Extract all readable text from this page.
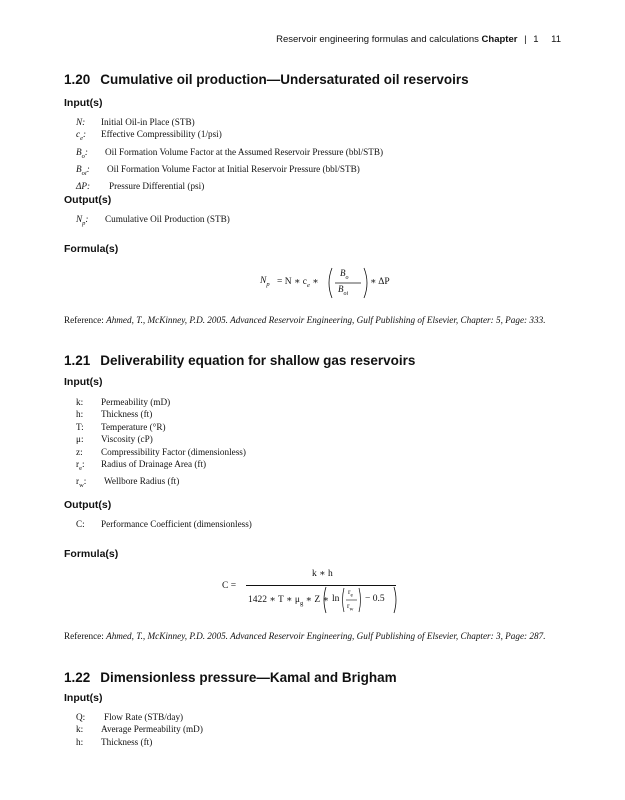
Reservoir engineering formulas and calculations Chapter | 1 11
1.20 Cumulative oil production—Undersaturated oil reservoirs
Input(s)
N:	Initial Oil-in Place (STB)
$c_e$:	Effective Compressibility (1/psi)
$B_o$:	Oil Formation Volume Factor at the Assumed Reservoir Pressure (bbl/STB)
$B_{oi}$:	Oil Formation Volume Factor at Initial Reservoir Pressure (bbl/STB)
ΔP:	Pressure Differential (psi)
Output(s)
$N_p$:	Cumulative Oil Production (STB)
Formula(s)
$N_p = N$ ∗ $c_e$ ∗
$B_o$
$B_{oi}$
∗ ΔP
Reference: Ahmed, T., McKinney, P.D. 2005. Advanced Reservoir Engineering, Gulf Publishing of Elsevier, Chapter: 5, Page: 333.
1.21 Deliverability equation for shallow gas reservoirs
Input(s)
k:	Permeability (mD)
h:	Thickness (ft)
T:	Temperature (°R)
μ:	Viscosity (cP)
z:	Compressibility Factor (dimensionless)
$r_e$:	Radius of Drainage Area (ft)
$r_w$:	Wellbore Radius (ft)
Output(s)
C:	Performance Coefficient (dimensionless)
Formula(s)
C =
k ∗ h
1422 ∗ T ∗ $\mu_g$ ∗ Z ∗ ln
$r_e$
$r_w$
− 0.5
Reference: Ahmed, T., McKinney, P.D. 2005. Advanced Reservoir Engineering, Gulf Publishing of Elsevier, Chapter: 3, Page: 287.
1.22 Dimensionless pressure—Kamal and Brigham
Input(s)
Q:	Flow Rate (STB/day)
k:	Average Permeability (mD)
h:	Thickness (ft)
